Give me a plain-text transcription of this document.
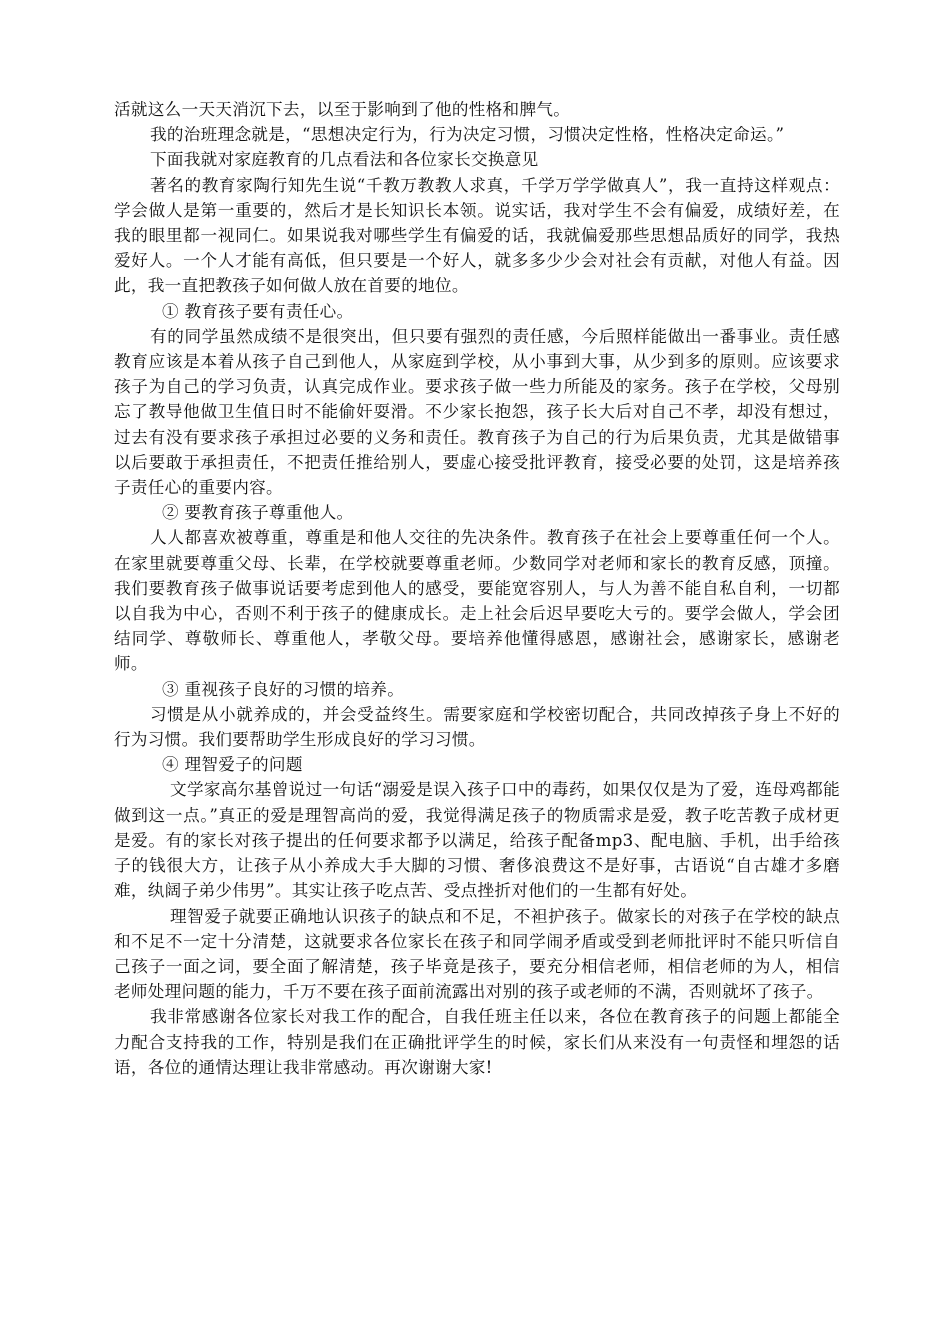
活就这么一天天消沉下去，以至于影响到了他的性格和脾气。

我的治班理念就是，“思想决定行为，行为决定习惯，习惯决定性格，性格决定命运。”

下面我就对家庭教育的几点看法和各位家长交换意见

著名的教育家陶行知先生说“千教万教教人求真，千学万学学做真人”，我一直持这样观点：学会做人是第一重要的，然后才是长知识长本领。说实话，我对学生不会有偏爱，成绩好差，在我的眼里都一视同仁。如果说我对哪些学生有偏爱的话，我就偏爱那些思想品质好的同学，我热爱好人。一个人才能有高低，但只要是一个好人，就多多少少会对社会有贡献，对他人有益。因此，我一直把教孩子如何做人放在首要的地位。

① 教育孩子要有责任心。

有的同学虽然成绩不是很突出，但只要有强烈的责任感，今后照样能做出一番事业。责任感教育应该是本着从孩子自己到他人，从家庭到学校，从小事到大事，从少到多的原则。应该要求孩子为自己的学习负责，认真完成作业。要求孩子做一些力所能及的家务。孩子在学校，父母别忘了教导他做卫生值日时不能偷奸耍滑。不少家长抱怨，孩子长大后对自己不孝，却没有想过，过去有没有要求孩子承担过必要的义务和责任。教育孩子为自己的行为后果负责，尤其是做错事以后要敢于承担责任，不把责任推给别人，要虚心接受批评教育，接受必要的处罚，这是培养孩子责任心的重要内容。

② 要教育孩子尊重他人。

人人都喜欢被尊重，尊重是和他人交往的先决条件。教育孩子在社会上要尊重任何一个人。在家里就要尊重父母、长辈，在学校就要尊重老师。少数同学对老师和家长的教育反感，顶撞。我们要教育孩子做事说话要考虑到他人的感受，要能宽容别人，与人为善不能自私自利，一切都以自我为中心，否则不利于孩子的健康成长。走上社会后迟早要吃大亏的。要学会做人，学会团结同学、尊敬师长、尊重他人，孝敬父母。要培养他懂得感恩，感谢社会，感谢家长，感谢老师。

③ 重视孩子良好的习惯的培养。

习惯是从小就养成的，并会受益终生。需要家庭和学校密切配合，共同改掉孩子身上不好的行为习惯。我们要帮助学生形成良好的学习习惯。

④ 理智爱子的问题

文学家高尔基曾说过一句话“溺爱是误入孩子口中的毒药，如果仅仅是为了爱，连母鸡都能做到这一点。”真正的爱是理智高尚的爱，我觉得满足孩子的物质需求是爱，教子吃苦教子成材更是爱。有的家长对孩子提出的任何要求都予以满足，给孩子配备mp3、配电脑、手机，出手给孩子的钱很大方，让孩子从小养成大手大脚的习惯、奢侈浪费这不是好事，古语说“自古雄才多磨难，纨阔子弟少伟男”。其实让孩子吃点苦、受点挫折对他们的一生都有好处。

理智爱子就要正确地认识孩子的缺点和不足，不袒护孩子。做家长的对孩子在学校的缺点和不足不一定十分清楚，这就要求各位家长在孩子和同学闹矛盾或受到老师批评时不能只听信自己孩子一面之词，要全面了解清楚，孩子毕竟是孩子，要充分相信老师，相信老师的为人，相信老师处理问题的能力，千万不要在孩子面前流露出对别的孩子或老师的不满，否则就坏了孩子。

我非常感谢各位家长对我工作的配合，自我任班主任以来，各位在教育孩子的问题上都能全力配合支持我的工作，特别是我们在正确批评学生的时候，家长们从来没有一句责怪和埋怨的话语，各位的通情达理让我非常感动。再次谢谢大家!
